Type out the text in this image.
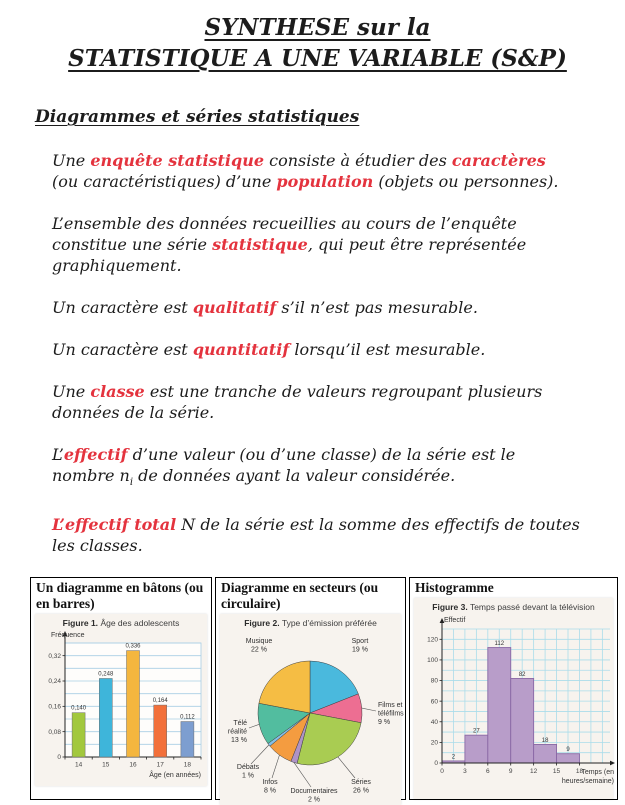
SYNTHESE sur la
STATISTIQUE A UNE VARIABLE (S&P)
Diagrammes et séries statistiques

Une enquête statistique consiste à étudier des caractères
(ou caractéristiques) d’une population (objets ou personnes).

L’ensemble des données recueillies au cours de l’enquête
constitue une série statistique, qui peut être représentée
graphiquement.

Un caractère est qualitatif s’il n’est pas mesurable.

Un caractère est quantitatif lorsqu’il est mesurable.

Une classe est une tranche de valeurs regroupant plusieurs
données de la série.

L’effectif d’une valeur (ou d’une classe) de la série est le
nombre $n_i$ de données ayant la valeur considérée.

L’effectif total N de la série est la somme des effectifs de toutes
les classes.

Un diagramme en bâtons (ou en barres)
Figure 1. Âge des adolescents
0
0,08
0,16
0,24
0,32
0,140
14
0,248
15
0,336
16
0,164
17
0,112
18
Fréquence
Âge (en années)
Diagramme en secteurs (ou circulaire)
Figure 2. Type d’émission préférée
Sport
19 %
Films et
téléfilms
9 %
Séries
26 %
Documentaires
2 %
Infos
8 %
Débats
1 %
Télé
réalité
13 %
Musique
22 %
Histogramme
Figure 3. Temps passé devant la télévision
2
27
112
82
18
9
0
20
40
60
80
100
120
0	3	6	9	12 15 18
Effectif
Temps (en
heures/semaine)
